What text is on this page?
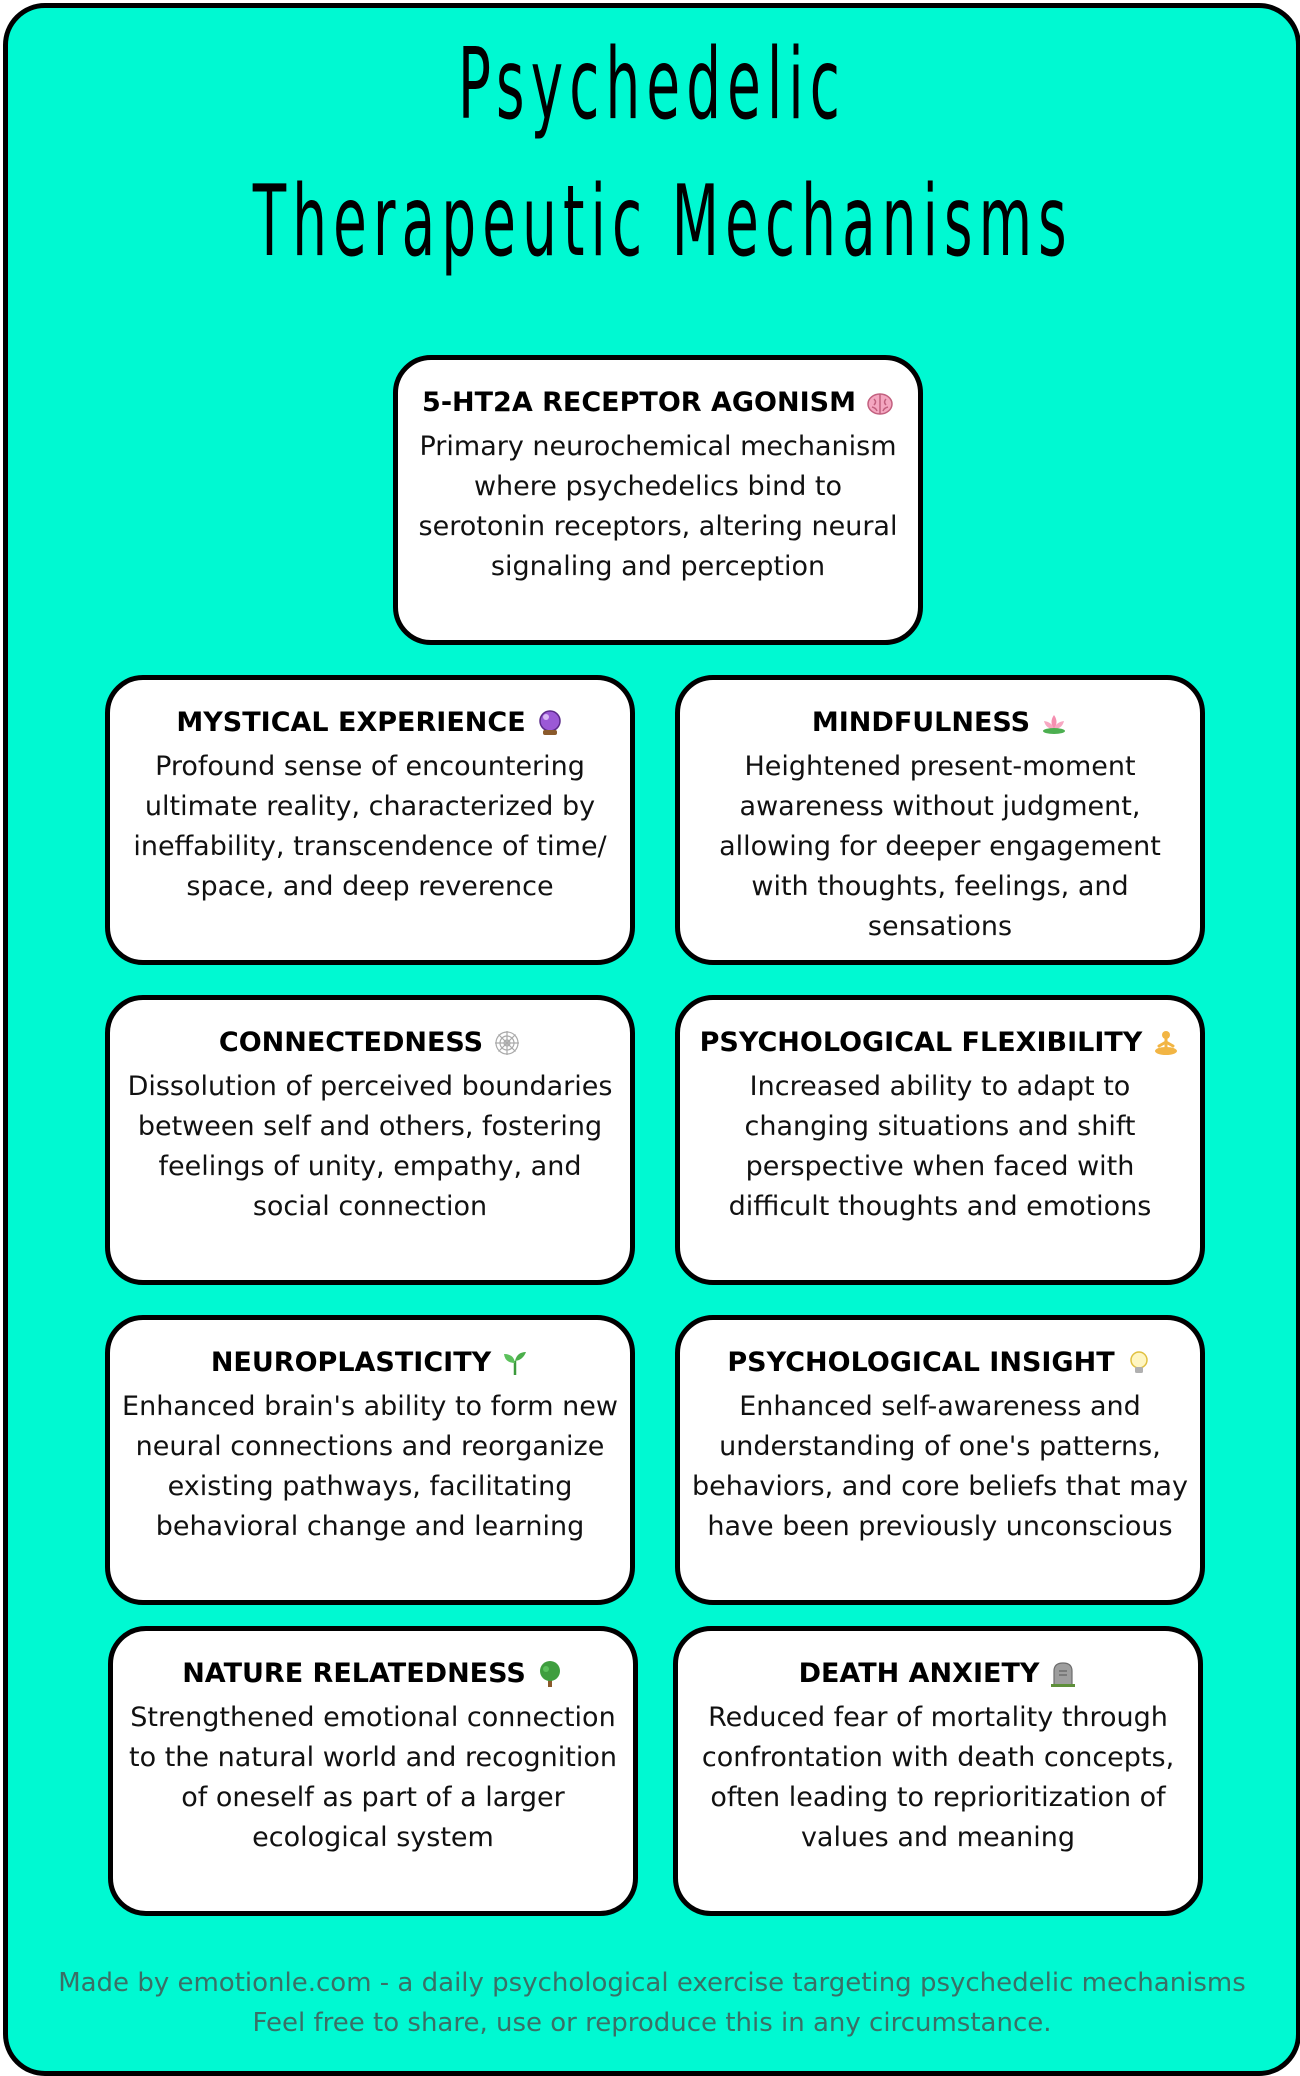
Psychedelic
Therapeutic Mechanisms
5-HT2A RECEPTOR AGONISM
Primary neurochemical mechanism where psychedelics bind to serotonin receptors, altering neural signaling and perception
MYSTICAL EXPERIENCE
Profound sense of encountering ultimate reality, characterized by ineffability, transcendence of time/ space, and deep reverence
MINDFULNESS
Heightened present-moment awareness without judgment, allowing for deeper engagement with thoughts, feelings, and sensations
CONNECTEDNESS
Dissolution of perceived boundaries between self and others, fostering feelings of unity, empathy, and social connection
PSYCHOLOGICAL FLEXIBILITY
Increased ability to adapt to changing situations and shift perspective when faced with difficult thoughts and emotions
NEUROPLASTICITY
Enhanced brain's ability to form new neural connections and reorganize existing pathways, facilitating behavioral change and learning
PSYCHOLOGICAL INSIGHT
Enhanced self-awareness and understanding of one's patterns, behaviors, and core beliefs that may have been previously unconscious
NATURE RELATEDNESS
Strengthened emotional connection to the natural world and recognition of oneself as part of a larger ecological system
DEATH ANXIETY
Reduced fear of mortality through confrontation with death concepts, often leading to reprioritization of values and meaning
Made by emotionle.com - a daily psychological exercise targeting psychedelic mechanisms
Feel free to share, use or reproduce this in any circumstance.
